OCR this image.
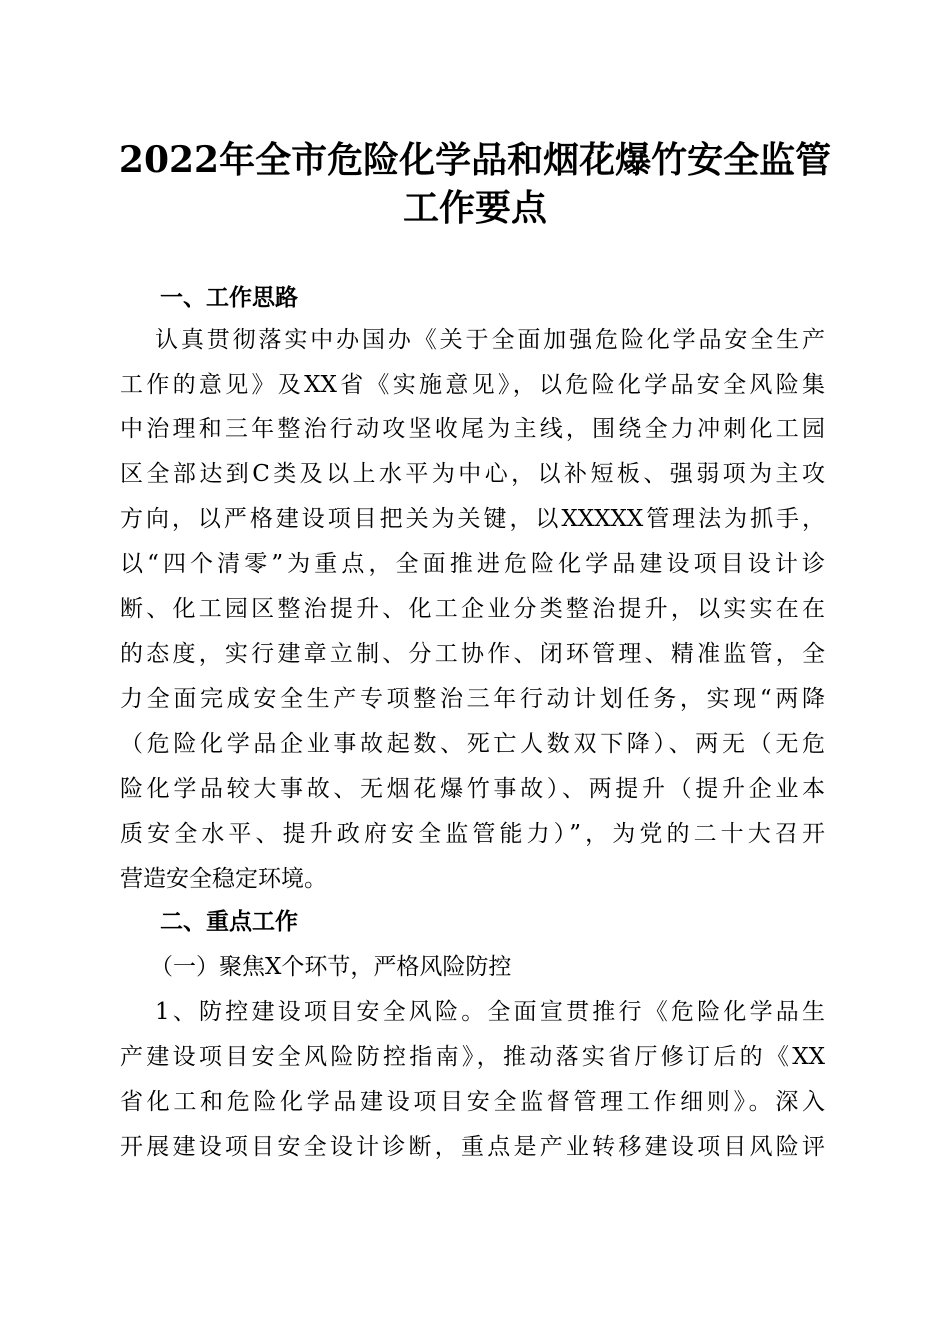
2022年全市危险化学品和烟花爆竹安全监管
工作要点
一、工作思路
认真贯彻落实中办国办《关于全面加强危险化学品安全生产
工作的意见》及XX省《实施意见》，以危险化学品安全风险集
中治理和三年整治行动攻坚收尾为主线，围绕全力冲刺化工园
区全部达到C类及以上水平为中心，以补短板、强弱项为主攻
方向，以严格建设项目把关为关键，以XXXXX管理法为抓手，
以“四个清零”为重点，全面推进危险化学品建设项目设计诊
断、化工园区整治提升、化工企业分类整治提升，以实实在在
的态度，实行建章立制、分工协作、闭环管理、精准监管，全
力全面完成安全生产专项整治三年行动计划任务，实现“两降
（危险化学品企业事故起数、死亡人数双下降）、两无（无危
险化学品较大事故、无烟花爆竹事故）、两提升（提升企业本
质安全水平、提升政府安全监管能力）”，为党的二十大召开
营造安全稳定环境。
二、重点工作
（一）聚焦X个环节，严格风险防控
1、防控建设项目安全风险。全面宣贯推行《危险化学品生
产建设项目安全风险防控指南》，推动落实省厅修订后的《XX
省化工和危险化学品建设项目安全监督管理工作细则》。深入
开展建设项目安全设计诊断，重点是产业转移建设项目风险评
